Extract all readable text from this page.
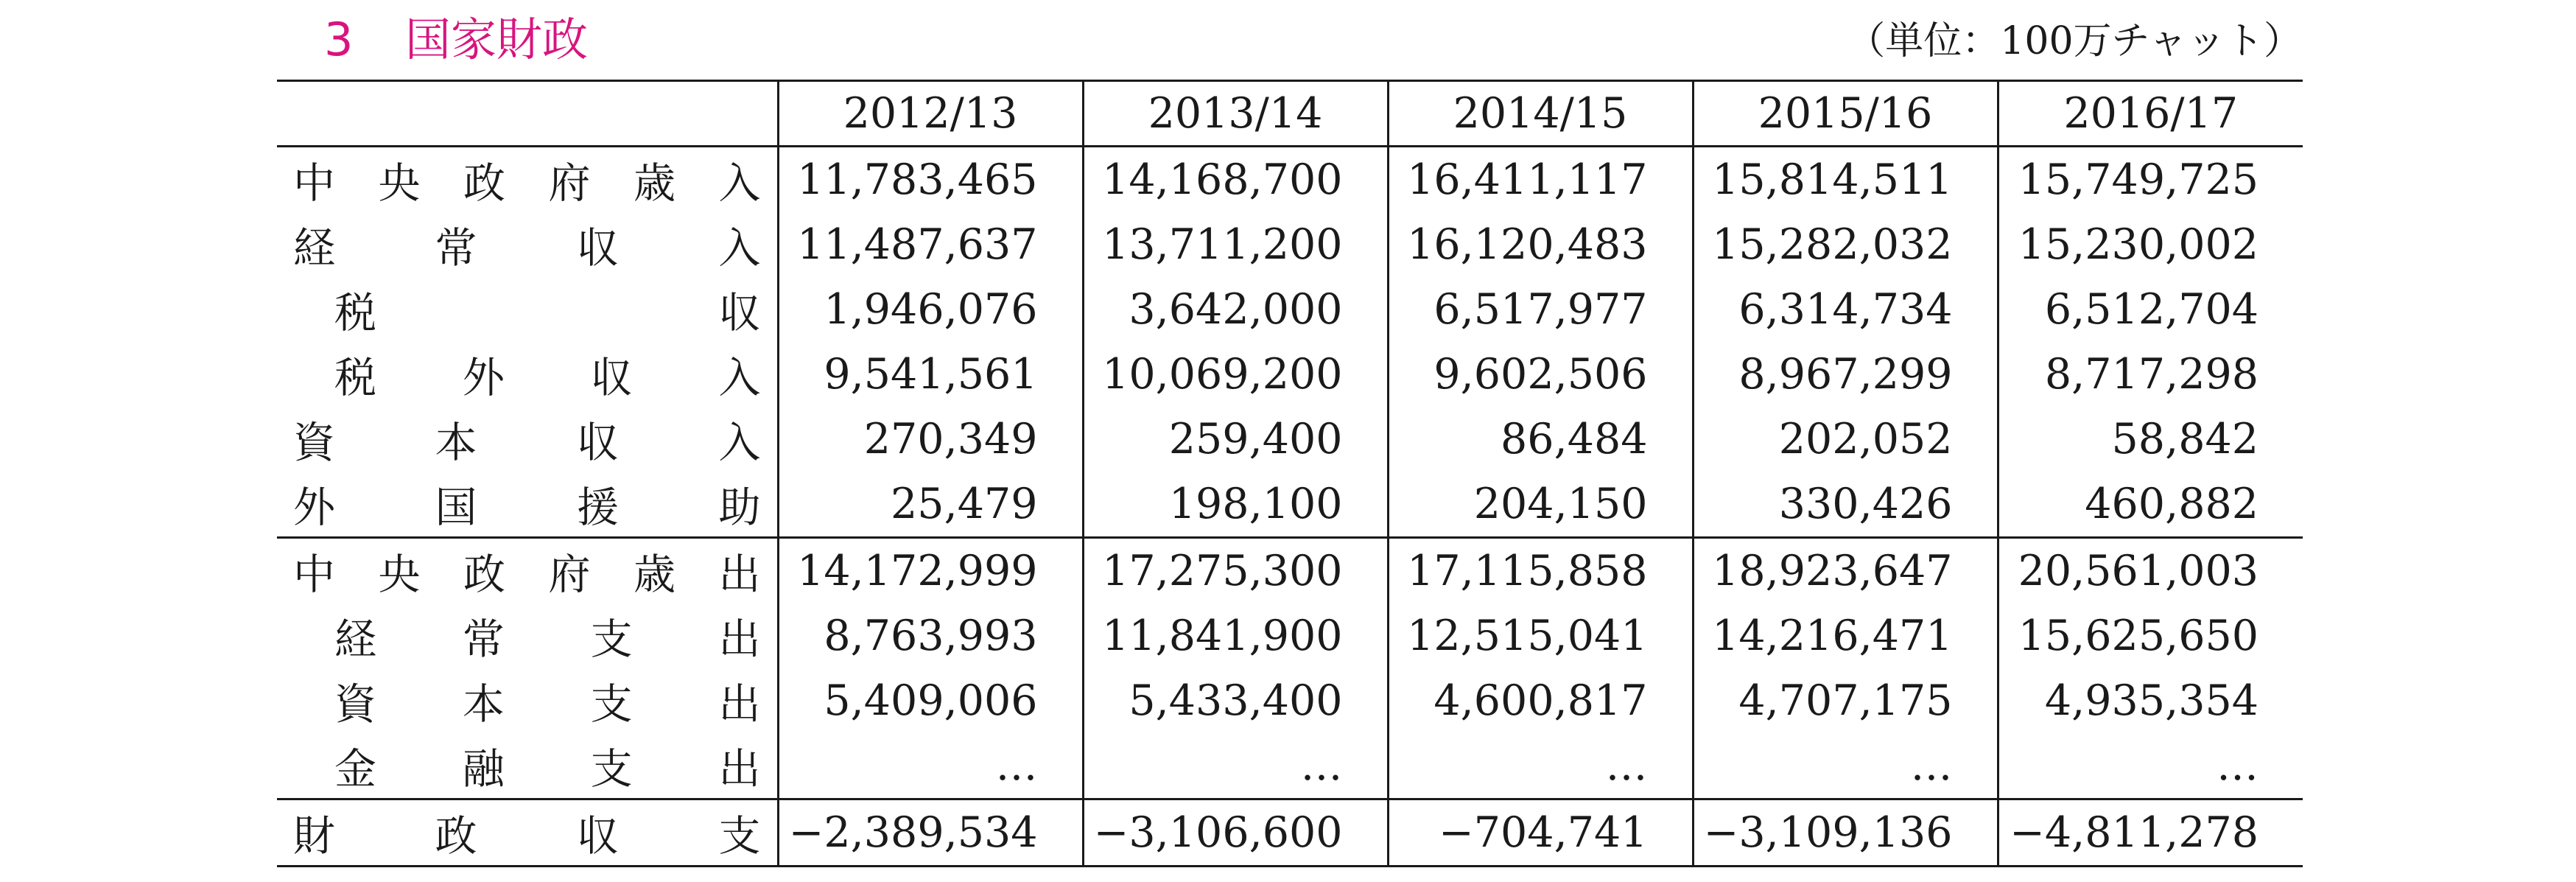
3 国家財政	（単位：100万チャット）
	2012/13	2013/14	2014/15	2015/16	2016/17
中 央 政 府 歳 入	11,783,465	14,168,700	16,411,117	15,814,511	15,749,725
経 常 収 入	11,487,637	13,711,200	16,120,483	15,282,032	15,230,002
税 収	1,946,076	3,642,000	6,517,977	6,314,734	6,512,704
税 外 収 入	9,541,561	10,069,200	9,602,506	8,967,299	8,717,298
資 本 収 入	270,349	259,400	86,484	202,052	58,842
外 国 援 助	25,479	198,100	204,150	330,426	460,882
中 央 政 府 歳 出	14,172,999	17,275,300	17,115,858	18,923,647	20,561,003
経 常 支 出	8,763,993	11,841,900	12,515,041	14,216,471	15,625,650
資 本 支 出	5,409,006	5,433,400	4,600,817	4,707,175	4,935,354
金 融 支 出	…	…	…	…	…
財 政 収 支	−2,389,534	−3,106,600	−704,741	−3,109,136	−4,811,278
